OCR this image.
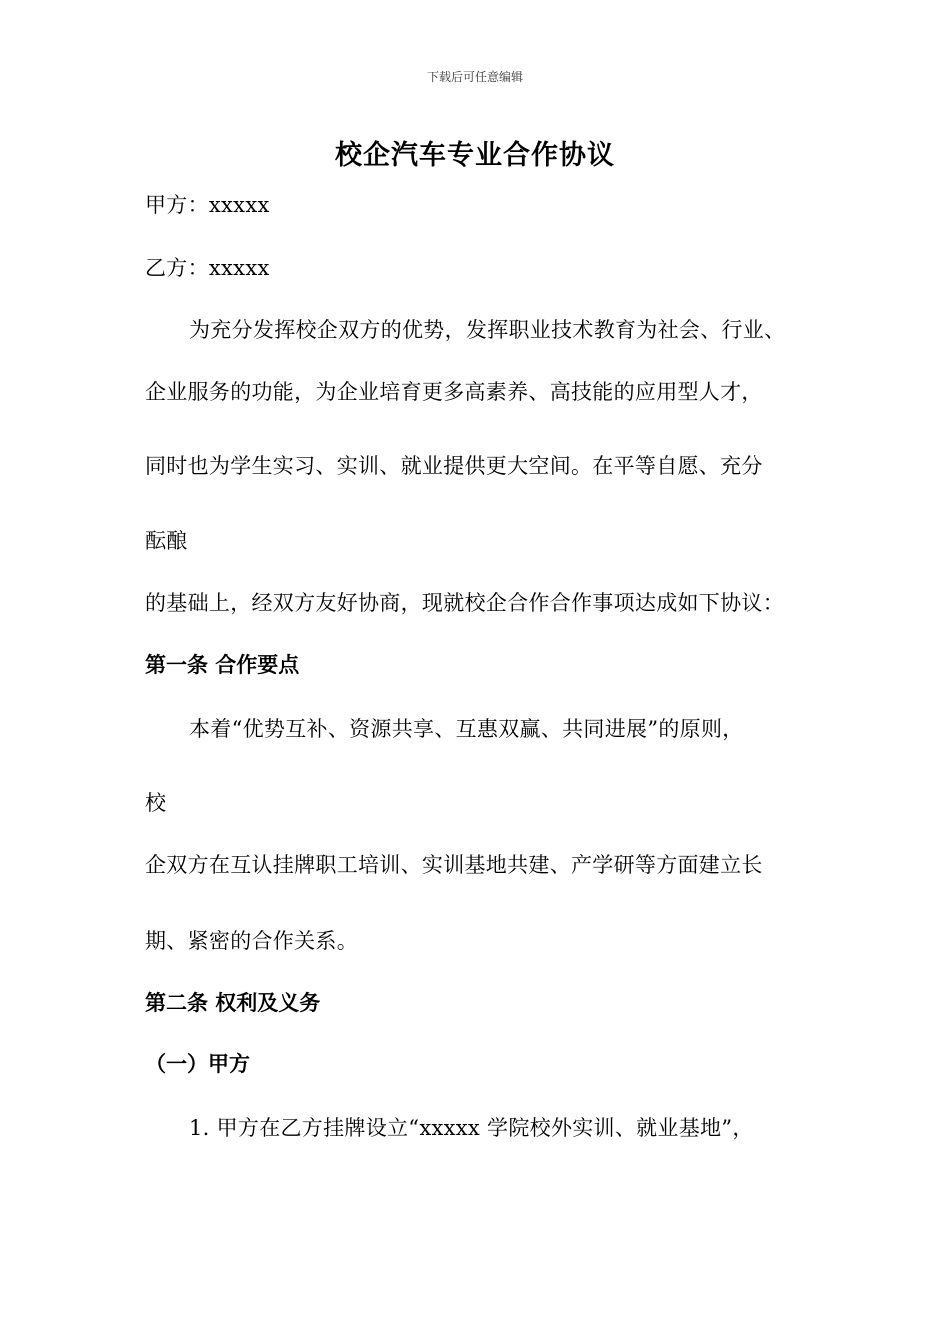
下载后可任意编辑
校企汽车专业合作协议
甲方：xxxxx
乙方：xxxxx
为充分发挥校企双方的优势，发挥职业技术教育为社会、行业、
企业服务的功能，为企业培育更多高素养、高技能的应用型人才，
同时也为学生实习、实训、就业提供更大空间。在平等自愿、充分
酝酿
的基础上，经双方友好协商，现就校企合作合作事项达成如下协议：
第一条 合作要点
本着“优势互补、资源共享、互惠双赢、共同进展”的原则，
校
企双方在互认挂牌职工培训、实训基地共建、产学研等方面建立长
期、紧密的合作关系。
第二条 权利及义务
（一）甲方
1. 甲方在乙方挂牌设立“xxxxx 学院校外实训、就业基地”，
